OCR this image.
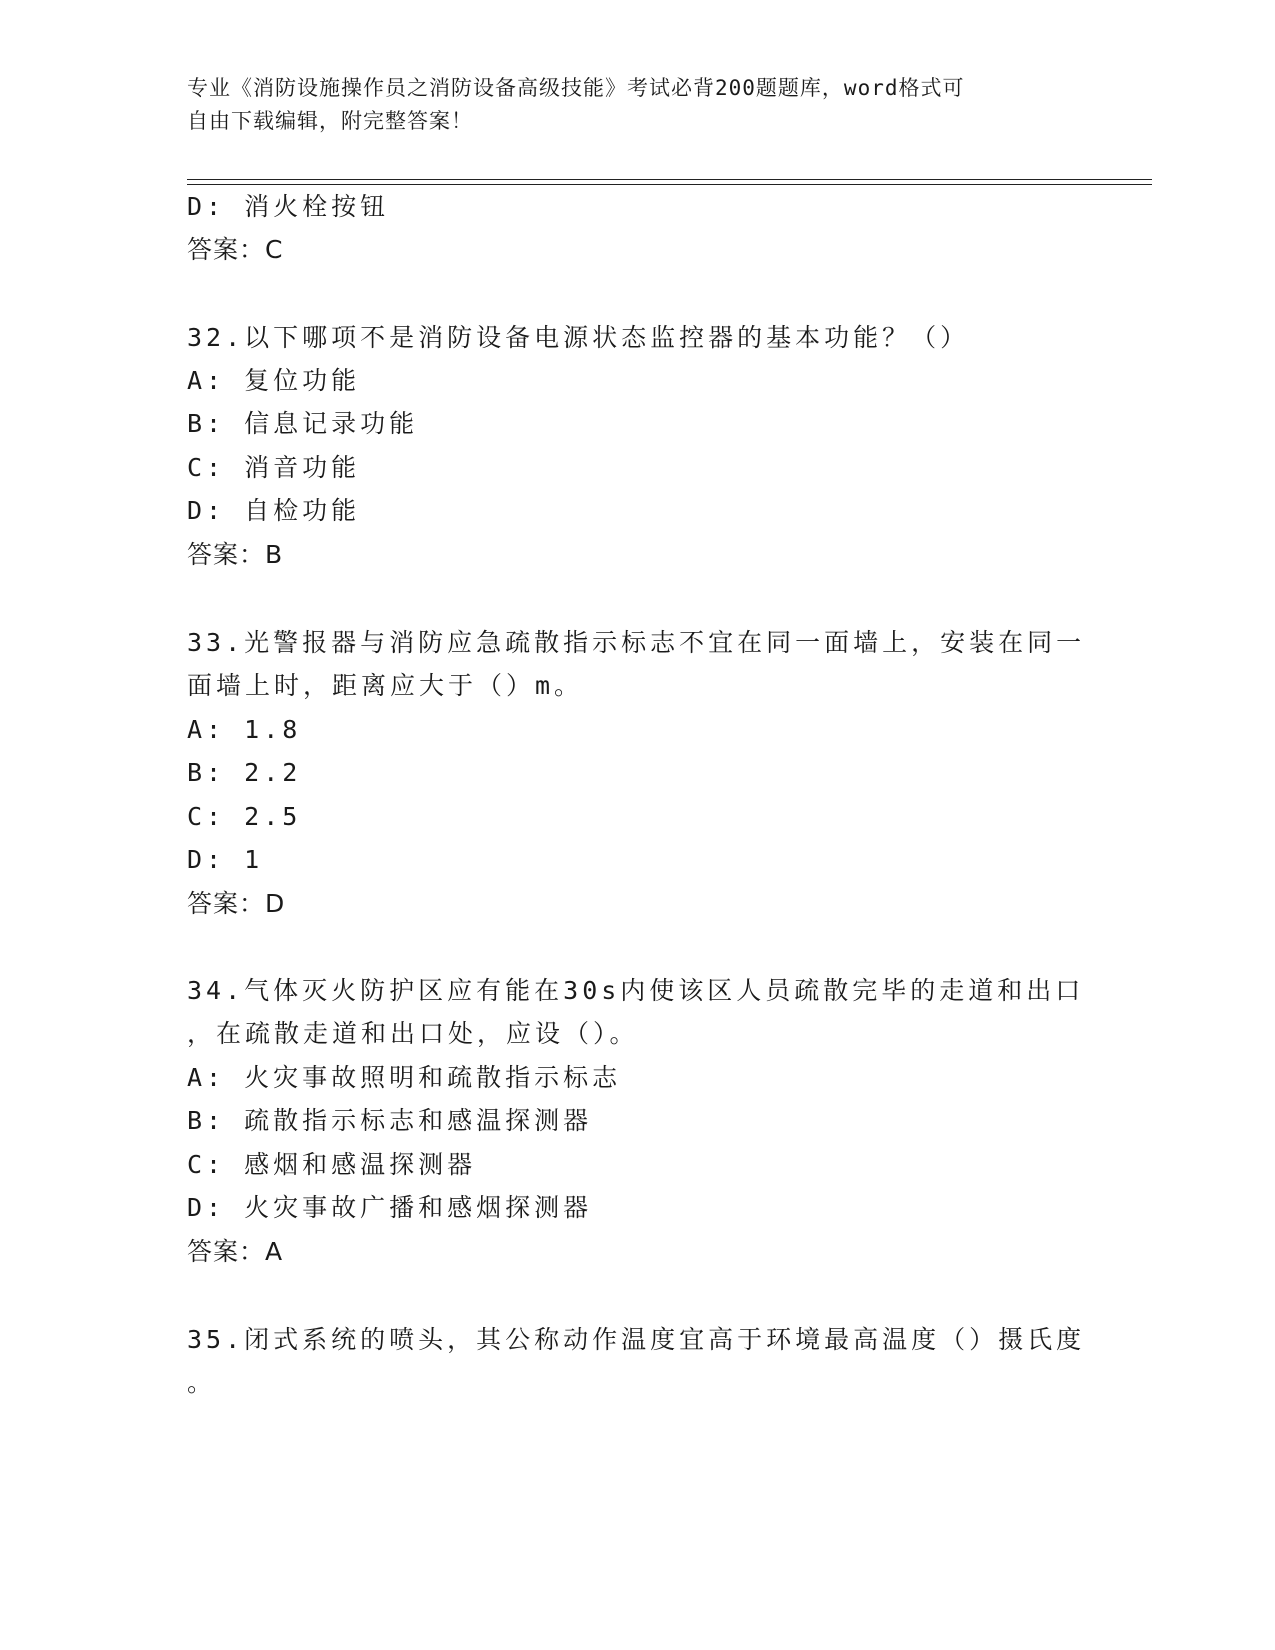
专业《消防设施操作员之消防设备高级技能》考试必背200题题库，word格式可
自由下载编辑，附完整答案！
D: 消火栓按钮
答案：C
32.以下哪项不是消防设备电源状态监控器的基本功能？（）
A: 复位功能
B: 信息记录功能
C: 消音功能
D: 自检功能
答案：B
33.光警报器与消防应急疏散指示标志不宜在同一面墙上，安装在同一
面墙上时，距离应大于（）m。
A: 1.8
B: 2.2
C: 2.5
D: 1
答案：D
34.气体灭火防护区应有能在30s内使该区人员疏散完毕的走道和出口
，在疏散走道和出口处，应设（）。
A: 火灾事故照明和疏散指示标志
B: 疏散指示标志和感温探测器
C: 感烟和感温探测器
D: 火灾事故广播和感烟探测器
答案：A
35.闭式系统的喷头，其公称动作温度宜高于环境最高温度（）摄氏度
。
